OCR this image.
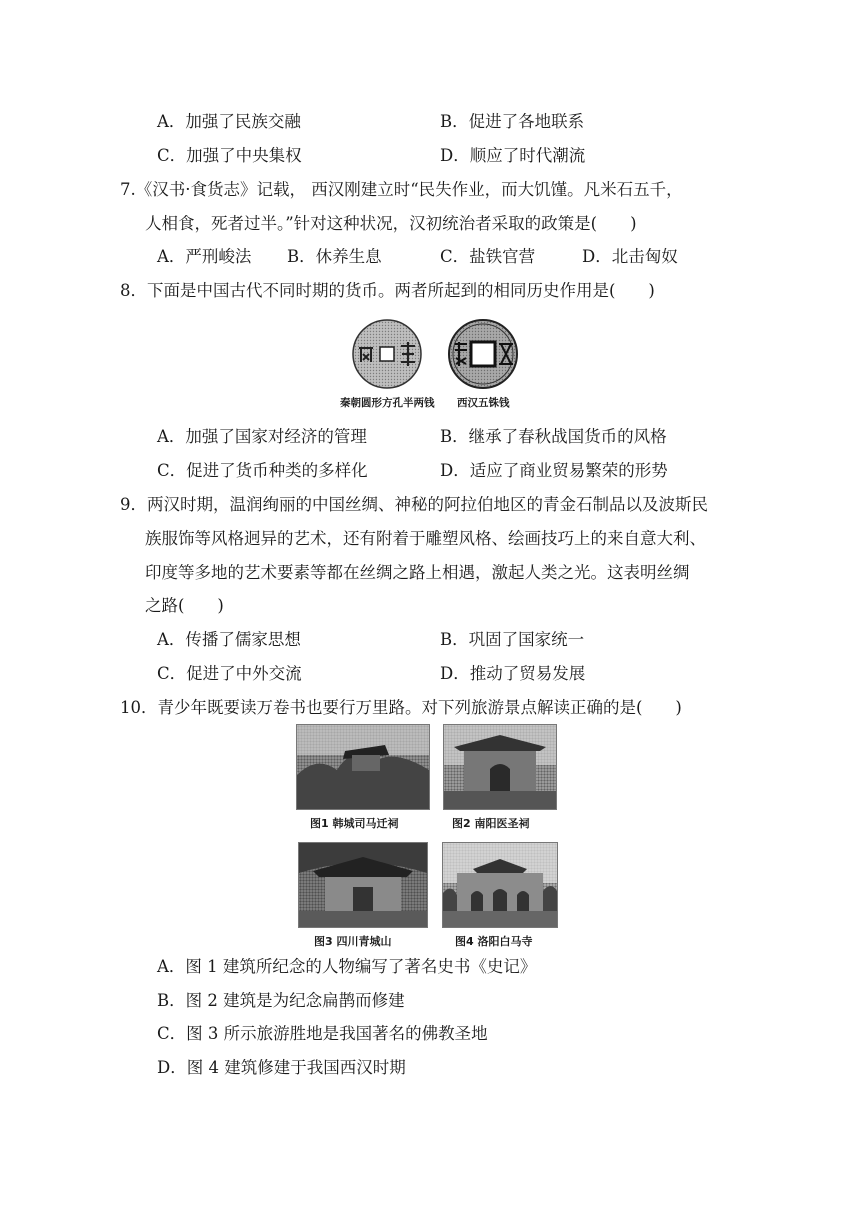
A．加强了民族交融	B．促进了各地联系
C．加强了中央集权	D．顺应了时代潮流
7.《汉书·食货志》记载， 西汉刚建立时“民失作业，而大饥馑。凡米石五千，
人相食，死者过半。”针对这种状况，汉初统治者采取的政策是(　　)
A．严刑峻法 B．休养生息	C．盐铁官营	D．北击匈奴
8．下面是中国古代不同时期的货币。两者所起到的相同历史作用是(　　)
秦朝圆形方孔半两钱 西汉五铢钱
A．加强了国家对经济的管理	B．继承了春秋战国货币的风格
C．促进了货币种类的多样化	D．适应了商业贸易繁荣的形势
9．两汉时期，温润绚丽的中国丝绸、神秘的阿拉伯地区的青金石制品以及波斯民
族服饰等风格迥异的艺术，还有附着于雕塑风格、绘画技巧上的来自意大利、
印度等多地的艺术要素等都在丝绸之路上相遇，激起人类之光。这表明丝绸
之路(　　)
A．传播了儒家思想	B．巩固了国家统一
C．促进了中外交流	D．推动了贸易发展
10．青少年既要读万卷书也要行万里路。对下列旅游景点解读正确的是(　　)
图1 韩城司马迁祠	图2 南阳医圣祠
图3 四川青城山	图4 洛阳白马寺
A．图 1 建筑所纪念的人物编写了著名史书《史记》
B．图 2 建筑是为纪念扁鹊而修建
C．图 3 所示旅游胜地是我国著名的佛教圣地
D．图 4 建筑修建于我国西汉时期
